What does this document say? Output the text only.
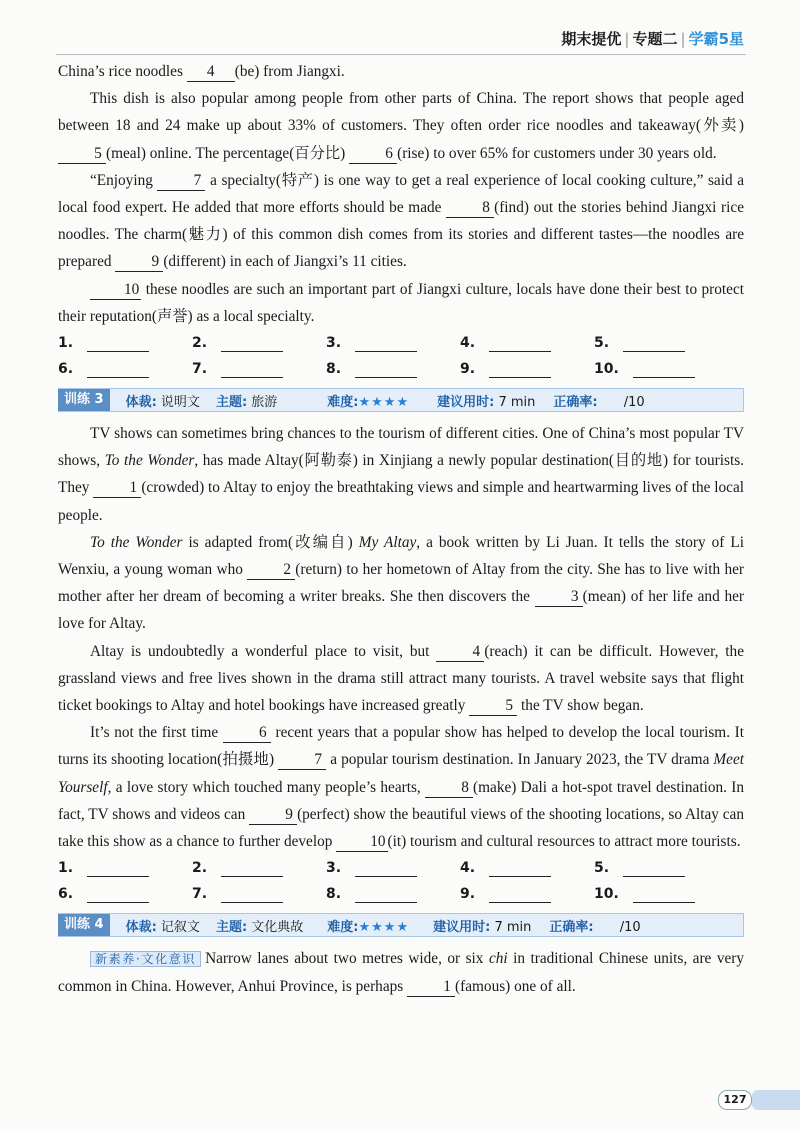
期末提优 | 专题二 | 学霸5星

China’s rice noodles 4 (be) from Jiangxi.

This dish is also popular among people from other parts of China. The report shows that people aged between 18 and 24 make up about 33% of customers. They often order rice noodles and takeaway(外卖) 5 (meal) online. The percentage(百分比) 6 (rise) to over 65% for customers under 30 years old.

“Enjoying 7 a specialty(特产) is one way to get a real experience of local cooking culture,” said a local food expert. He added that more efforts should be made 8 (find) out the stories behind Jiangxi rice noodles. The charm(魅力) of this common dish comes from its stories and different tastes—the noodles are prepared 9 (different) in each of Jiangxi’s 11 cities.

10 these noodles are such an important part of Jiangxi culture, locals have done their best to protect their reputation(声誉) as a local specialty.

1.	2.	3.	4.	5.
6.	7.	8.	9.	10.
训练 3	体裁: 说明文 主题: 旅游	难度:★★★★ 建议用时: 7 min 正确率: /10

TV shows can sometimes bring chances to the tourism of different cities. One of China’s most popular TV shows, To the Wonder, has made Altay(阿勒泰) in Xinjiang a newly popular destination(目的地) for tourists. They 1 (crowded) to Altay to enjoy the breathtaking views and simple and heartwarming lives of the local people.

To the Wonder is adapted from(改编自) My Altay, a book written by Li Juan. It tells the story of Li Wenxiu, a young woman who 2 (return) to her hometown of Altay from the city. She has to live with her mother after her dream of becoming a writer breaks. She then discovers the 3 (mean) of her life and her love for Altay.

Altay is undoubtedly a wonderful place to visit, but 4 (reach) it can be difficult. However, the grassland views and free lives shown in the drama still attract many tourists. A travel website says that flight ticket bookings to Altay and hotel bookings have increased greatly 5 the TV show began.

It’s not the first time 6 recent years that a popular show has helped to develop the local tourism. It turns its shooting location(拍摄地) 7 a popular tourism destination. In January 2023, the TV drama Meet Yourself, a love story which touched many people’s hearts, 8 (make) Dali a hot-spot travel destination. In fact, TV shows and videos can 9 (perfect) show the beautiful views of the shooting locations, so Altay can take this show as a chance to further develop 10 (it) tourism and cultural resources to attract more tourists.

1.	2.	3.	4.	5.
6.	7.	8.	9.	10.
训练 4	体裁: 记叙文 主题: 文化典故 难度:★★★★ 建议用时: 7 min 正确率: /10

新素养·文化意识 Narrow lanes about two metres wide, or six chi in traditional Chinese units, are very common in China. However, Anhui Province, is perhaps 1 (famous) one of all.

127
